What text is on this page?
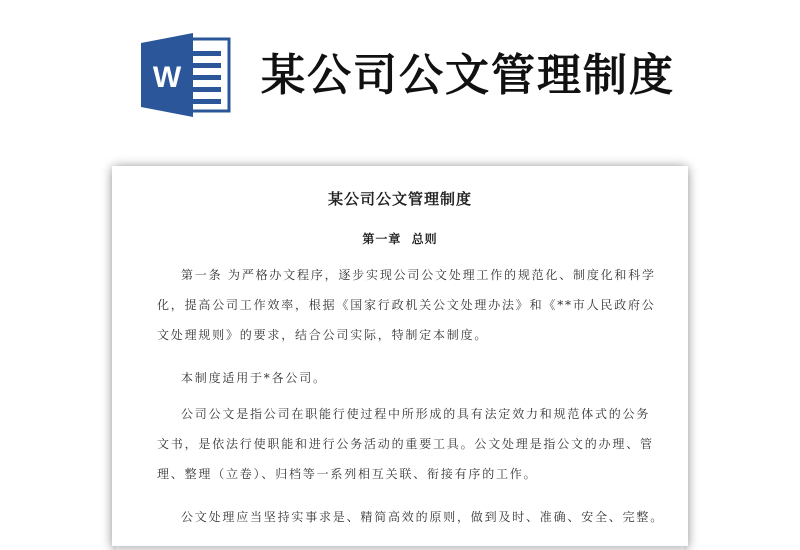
W 某公司公文管理制度
某公司公文管理制度
第一章  总则
第一条 为严格办文程序，逐步实现公司公文处理工作的规范化、制度化和科学
化，提高公司工作效率，根据《国家行政机关公文处理办法》和《**市人民政府公
文处理规则》的要求，结合公司实际，特制定本制度。
本制度适用于*各公司。
公司公文是指公司在职能行使过程中所形成的具有法定效力和规范体式的公务
文书，是依法行使职能和进行公务活动的重要工具。公文处理是指公文的办理、管
理、整理（立卷）、归档等一系列相互关联、衔接有序的工作。
公文处理应当坚持实事求是、精简高效的原则，做到及时、准确、安全、完整。
